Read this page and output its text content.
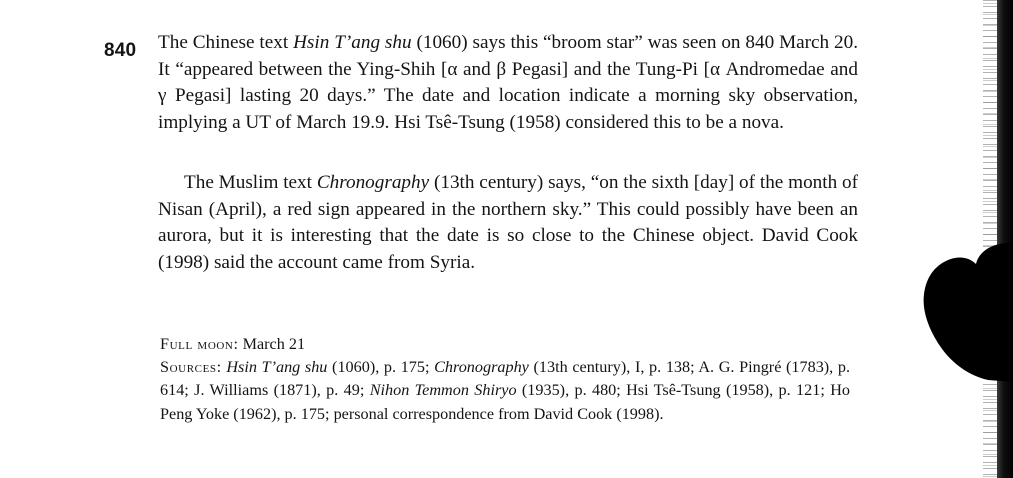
840 The Chinese text Hsin T’ang shu (1060) says this “broom star” was seen on 840 March 20. It “appeared between the Ying-Shih [α and β Pegasi] and the Tung-Pi [α Andromedae and γ Pegasi] lasting 20 days.” The date and location indicate a morning sky observation, implying a UT of March 19.9. Hsi Tsê-Tsung (1958) considered this to be a nova.

The Muslim text Chronography (13th century) says, “on the sixth [day] of the month of Nisan (April), a red sign appeared in the northern sky.” This could possibly have been an aurora, but it is interesting that the date is so close to the Chinese object. David Cook (1998) said the account came from Syria.

Full moon: March 21

Sources: Hsin T’ang shu (1060), p. 175; Chronography (13th century), I, p. 138; A. G. Pingré (1783), p. 614; J. Williams (1871), p. 49; Nihon Temmon Shiryo (1935), p. 480; Hsi Tsê-Tsung (1958), p. 121; Ho Peng Yoke (1962), p. 175; personal correspondence from David Cook (1998).
